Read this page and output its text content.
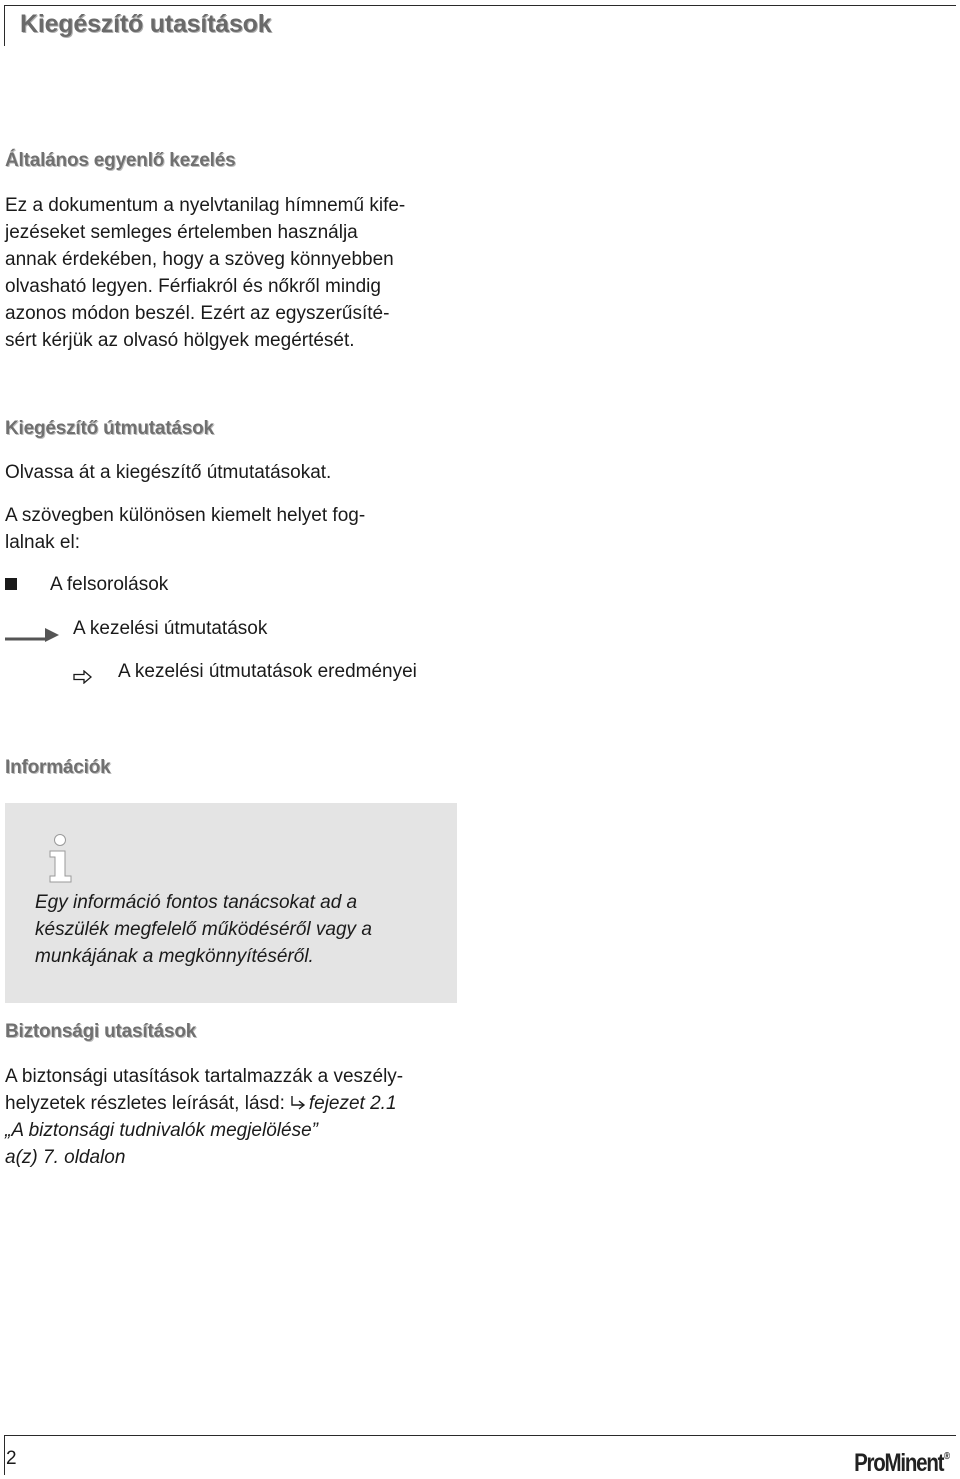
Kiegészítő utasítások
Általános egyenlő kezelés
Ez a dokumentum a nyelvtanilag hímnemű kife-
jezéseket semleges értelemben használja
annak érdekében, hogy a szöveg könnyebben
olvasható legyen. Férfiakról és nőkről mindig
azonos módon beszél. Ezért az egyszerűsíté-
sért kérjük az olvasó hölgyek megértését.
Kiegészítő útmutatások
Olvassa át a kiegészítő útmutatásokat.
A szövegben különösen kiemelt helyet fog-
lalnak el:
A felsorolások
A kezelési útmutatások
A kezelési útmutatások eredményei
Információk
Egy információ fontos tanácsokat ad a
készülék megfelelő működéséről vagy a
munkájának a megkönnyítéséről.
Biztonsági utasítások
A biztonsági utasítások tartalmazzák a veszély-
helyzetek részletes leírását, lásd: fejezet 2.1
„A biztonsági tudnivalók megjelölése”
a(z) 7. oldalon
2	ProMinent®
